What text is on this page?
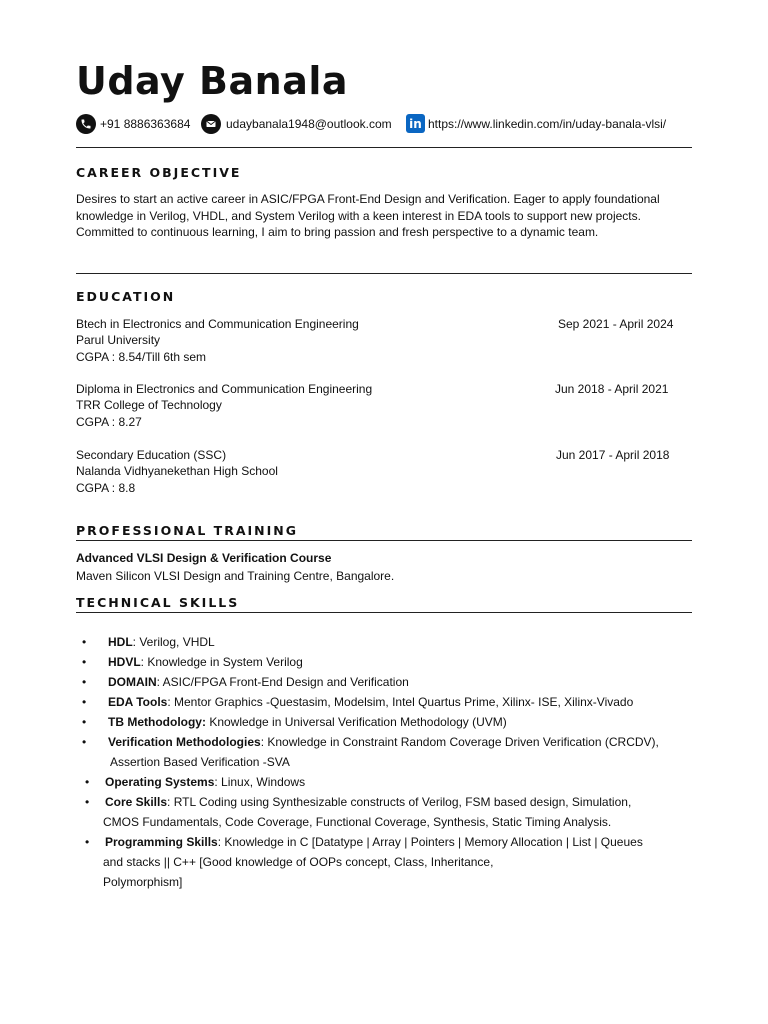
Uday Banala
+91 8886363684	udaybanala1948@outlook.com in https://www.linkedin.com/in/uday-banala-vlsi/
CAREER OBJECTIVE

Desires to start an active career in ASIC/FPGA Front-End Design and Verification. Eager to apply foundational knowledge in Verilog, VHDL, and System Verilog with a keen interest in EDA tools to support new projects. Committed to continuous learning, I aim to bring passion and fresh perspective to a dynamic team.

EDUCATION
Btech in Electronics and Communication Engineering	Sep 2021 - April 2024
Parul University
CGPA : 8.54/Till 6th sem
Diploma in Electronics and Communication Engineering	Jun 2018 - April 2021
TRR College of Technology
CGPA : 8.27
Secondary Education (SSC)	Jun 2017 - April 2018
Nalanda Vidhyanekethan High School
CGPA : 8.8
PROFESSIONAL TRAINING
Advanced VLSI Design & Verification Course
Maven Silicon VLSI Design and Training Centre, Bangalore.
TECHNICAL SKILLS
•	HDL: Verilog, VHDL
•	HDVL: Knowledge in System Verilog
•	DOMAIN: ASIC/FPGA Front-End Design and Verification
•	EDA Tools: Mentor Graphics -Questasim, Modelsim, Intel Quartus Prime, Xilinx- ISE, Xilinx-Vivado
•	TB Methodology: Knowledge in Universal Verification Methodology (UVM)
•	Verification Methodologies: Knowledge in Constraint Random Coverage Driven Verification (CRCDV),
Assertion Based Verification -SVA
•	Operating Systems: Linux, Windows
•	Core Skills: RTL Coding using Synthesizable constructs of Verilog, FSM based design, Simulation,
CMOS Fundamentals, Code Coverage, Functional Coverage, Synthesis, Static Timing Analysis.
•	Programming Skills: Knowledge in C [Datatype | Array | Pointers | Memory Allocation | List | Queues
and stacks || C++ [Good knowledge of OOPs concept, Class, Inheritance,
Polymorphism]
